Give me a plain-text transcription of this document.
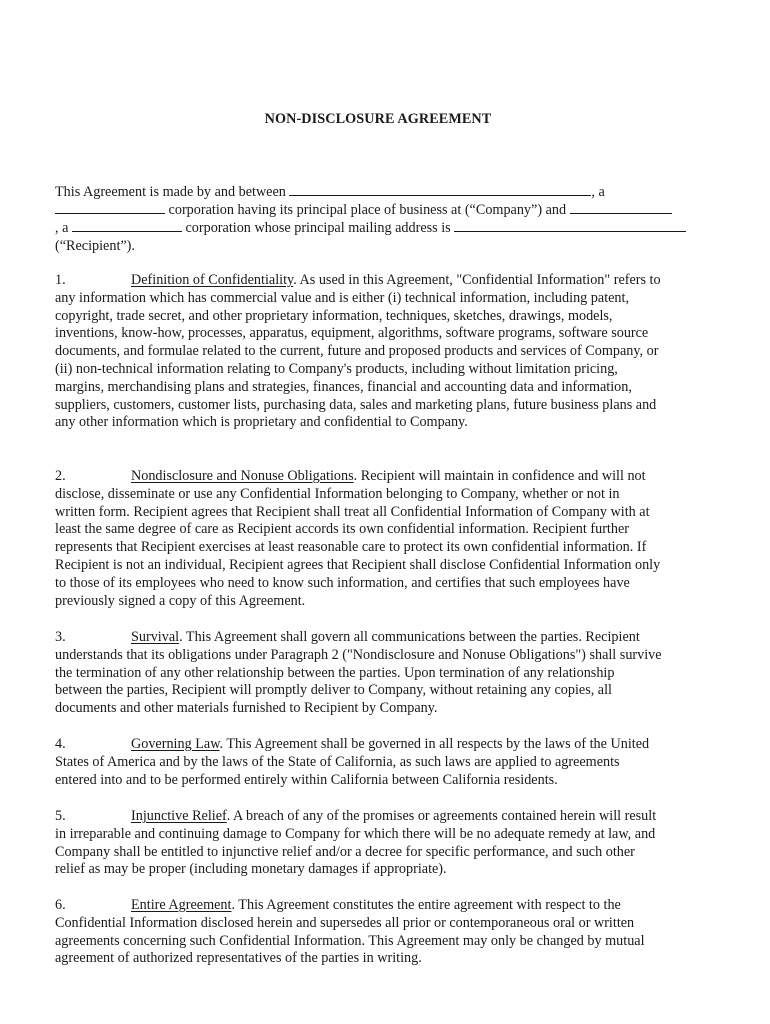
NON-DISCLOSURE AGREEMENT
This Agreement is made by and between	, a
corporation having its principal place of business at (“Company”) and
, a	corporation whose principal mailing address is
(“Recipient”).
1.	Definition of Confidentiality. As used in this Agreement, "Confidential Information" refers to
any information which has commercial value and is either (i) technical information, including patent,
copyright, trade secret, and other proprietary information, techniques, sketches, drawings, models,
inventions, know-how, processes, apparatus, equipment, algorithms, software programs, software source
documents, and formulae related to the current, future and proposed products and services of Company, or
(ii) non-technical information relating to Company's products, including without limitation pricing,
margins, merchandising plans and strategies, finances, financial and accounting data and information,
suppliers, customers, customer lists, purchasing data, sales and marketing plans, future business plans and
any other information which is proprietary and confidential to Company.
2.	Nondisclosure and Nonuse Obligations. Recipient will maintain in confidence and will not
disclose, disseminate or use any Confidential Information belonging to Company, whether or not in
written form. Recipient agrees that Recipient shall treat all Confidential Information of Company with at
least the same degree of care as Recipient accords its own confidential information. Recipient further
represents that Recipient exercises at least reasonable care to protect its own confidential information. If
Recipient is not an individual, Recipient agrees that Recipient shall disclose Confidential Information only
to those of its employees who need to know such information, and certifies that such employees have
previously signed a copy of this Agreement.
3.	Survival. This Agreement shall govern all communications between the parties. Recipient
understands that its obligations under Paragraph 2 ("Nondisclosure and Nonuse Obligations") shall survive
the termination of any other relationship between the parties. Upon termination of any relationship
between the parties, Recipient will promptly deliver to Company, without retaining any copies, all
documents and other materials furnished to Recipient by Company.
4.	Governing Law. This Agreement shall be governed in all respects by the laws of the United
States of America and by the laws of the State of California, as such laws are applied to agreements
entered into and to be performed entirely within California between California residents.
5.	Injunctive Relief. A breach of any of the promises or agreements contained herein will result
in irreparable and continuing damage to Company for which there will be no adequate remedy at law, and
Company shall be entitled to injunctive relief and/or a decree for specific performance, and such other
relief as may be proper (including monetary damages if appropriate).
6.	Entire Agreement. This Agreement constitutes the entire agreement with respect to the
Confidential Information disclosed herein and supersedes all prior or contemporaneous oral or written
agreements concerning such Confidential Information. This Agreement may only be changed by mutual
agreement of authorized representatives of the parties in writing.
